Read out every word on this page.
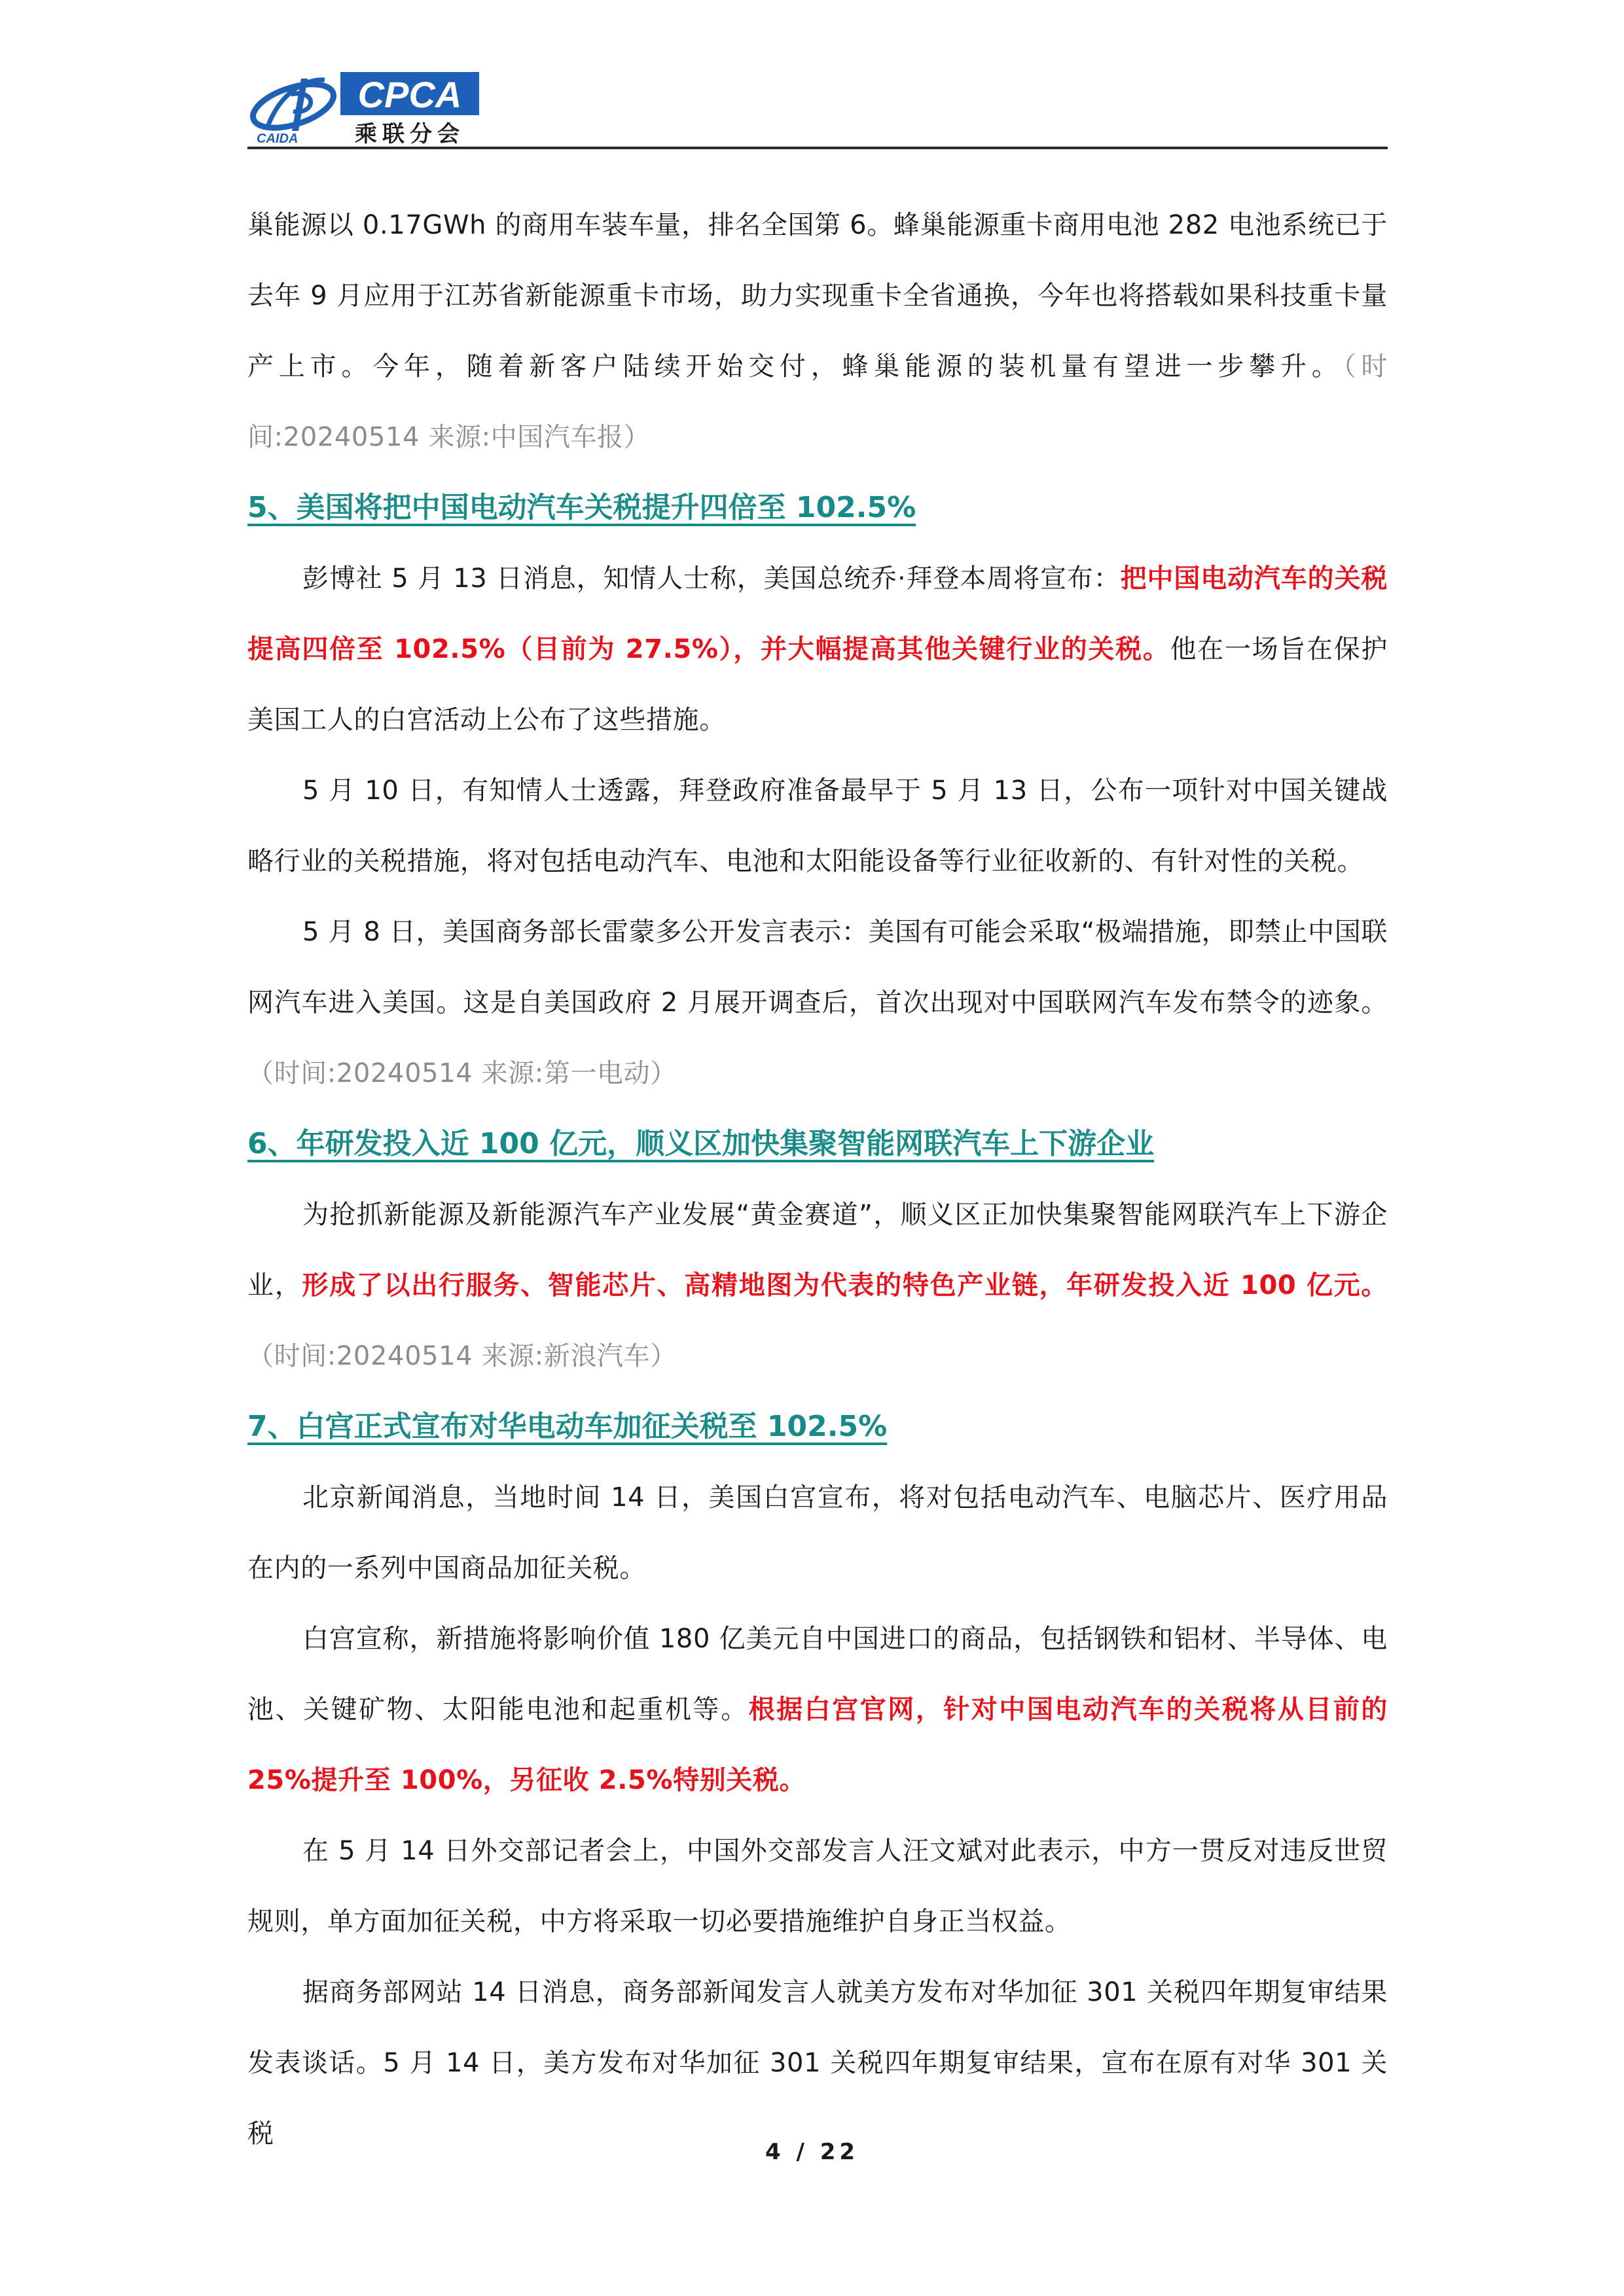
CAIDA
CPCA
乘联分会

巢能源以 0.17GWh 的商用车装车量，排名全国第 6。蜂巢能源重卡商用电池 282 电池系统已于去年 9 月应用于江苏省新能源重卡市场，助力实现重卡全省通换，今年也将搭载如果科技重卡量产上市。今年，随着新客户陆续开始交付，蜂巢能源的装机量有望进一步攀升。（时间:20240514 来源:中国汽车报）

5、美国将把中国电动汽车关税提升四倍至 102.5%

彭博社 5 月 13 日消息，知情人士称，美国总统乔·拜登本周将宣布：把中国电动汽车的关税提高四倍至 102.5%（目前为 27.5%），并大幅提高其他关键行业的关税。他在一场旨在保护美国工人的白宫活动上公布了这些措施。

5 月 10 日，有知情人士透露，拜登政府准备最早于 5 月 13 日，公布一项针对中国关键战略行业的关税措施，将对包括电动汽车、电池和太阳能设备等行业征收新的、有针对性的关税。

5 月 8 日，美国商务部长雷蒙多公开发言表示：美国有可能会采取“极端措施，即禁止中国联网汽车进入美国。这是自美国政府 2 月展开调查后，首次出现对中国联网汽车发布禁令的迹象。（时间:20240514 来源:第一电动）

6、年研发投入近 100 亿元，顺义区加快集聚智能网联汽车上下游企业

为抢抓新能源及新能源汽车产业发展“黄金赛道”，顺义区正加快集聚智能网联汽车上下游企业，形成了以出行服务、智能芯片、高精地图为代表的特色产业链，年研发投入近 100 亿元。（时间:20240514 来源:新浪汽车）

7、白宫正式宣布对华电动车加征关税至 102.5%

北京新闻消息，当地时间 14 日，美国白宫宣布，将对包括电动汽车、电脑芯片、医疗用品在内的一系列中国商品加征关税。

白宫宣称，新措施将影响价值 180 亿美元自中国进口的商品，包括钢铁和铝材、半导体、电池、关键矿物、太阳能电池和起重机等。根据白宫官网，针对中国电动汽车的关税将从目前的 25%提升至 100%，另征收 2.5%特别关税。

在 5 月 14 日外交部记者会上，中国外交部发言人汪文斌对此表示，中方一贯反对违反世贸规则，单方面加征关税，中方将采取一切必要措施维护自身正当权益。

据商务部网站 14 日消息，商务部新闻发言人就美方发布对华加征 301 关税四年期复审结果发表谈话。5 月 14 日，美方发布对华加征 301 关税四年期复审结果，宣布在原有对华 301 关税

4 / 22
